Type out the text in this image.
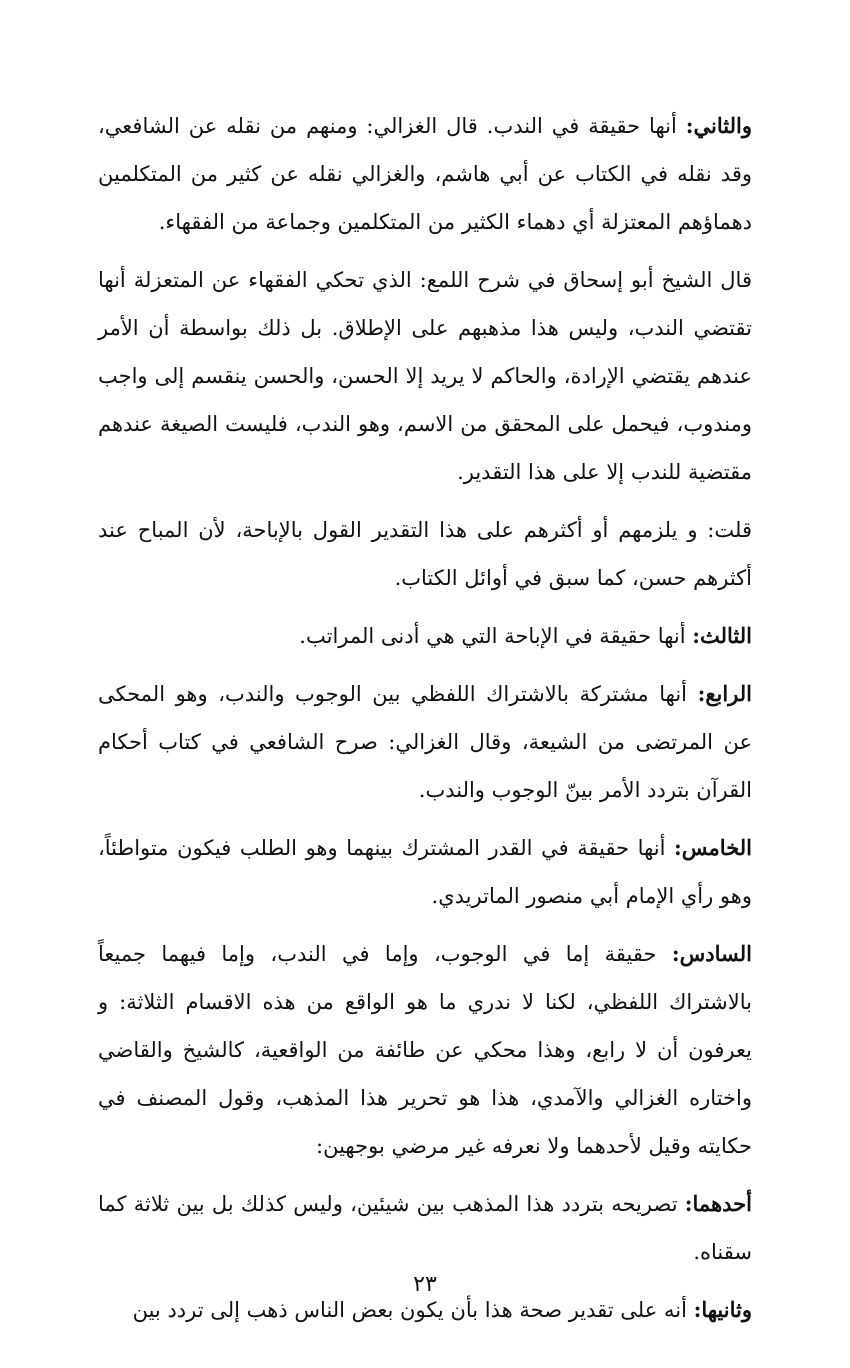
والثاني: أنها حقيقة في الندب. قال الغزالي: ومنهم من نقله عن الشافعي، وقد نقله في الكتاب عن أبي هاشم، والغزالي نقله عن كثير من المتكلمين دهماؤهم المعتزلة أي دهماء الكثير من المتكلمين وجماعة من الفقهاء.

قال الشيخ أبو إسحاق في شرح اللمع: الذي تحكي الفقهاء عن المتعزلة أنها تقتضي الندب، وليس هذا مذهبهم على الإطلاق. بل ذلك بواسطة أن الأمر عندهم يقتضي الإرادة، والحاكم لا يريد إلا الحسن، والحسن ينقسم إلى واجب ومندوب، فيحمل على المحقق من الاسم، وهو الندب، فليست الصيغة عندهم مقتضية للندب إلا على هذا التقدير.

قلت: و يلزمهم أو أكثرهم على هذا التقدير القول بالإباحة، لأن المباح عند أكثرهم حسن، كما سبق في أوائل الكتاب.

الثالث: أنها حقيقة في الإباحة التي هي أدنى المراتب.

الرابع: أنها مشتركة بالاشتراك اللفظي بين الوجوب والندب، وهو المحكى عن المرتضى من الشيعة، وقال الغزالي: صرح الشافعي في كتاب أحكام القرآن بتردد الأمر بينّ الوجوب والندب.

الخامس: أنها حقيقة في القدر المشترك بينهما وهو الطلب فيكون متواطئاً، وهو رأي الإمام أبي منصور الماتريدي.

السادس: حقيقة إما في الوجوب، وإما في الندب، وإما فيهما جميعاً بالاشتراك اللفظي، لكنا لا ندري ما هو الواقع من هذه الاقسام الثلاثة: و يعرفون أن لا رابع، وهذا محكي عن طائفة من الواقعية، كالشيخ والقاضي واختاره الغزالي والآمدي، هذا هو تحرير هذا المذهب، وقول المصنف في حكايته وقيل لأحدهما ولا نعرفه غير مرضي بوجهين:

أحدهما: تصريحه بتردد هذا المذهب بين شيئين، وليس كذلك بل بين ثلاثة كما سقناه.

وثانيها: أنه على تقدير صحة هذا بأن يكون بعض الناس ذهب إلى تردد بين

٢٣
